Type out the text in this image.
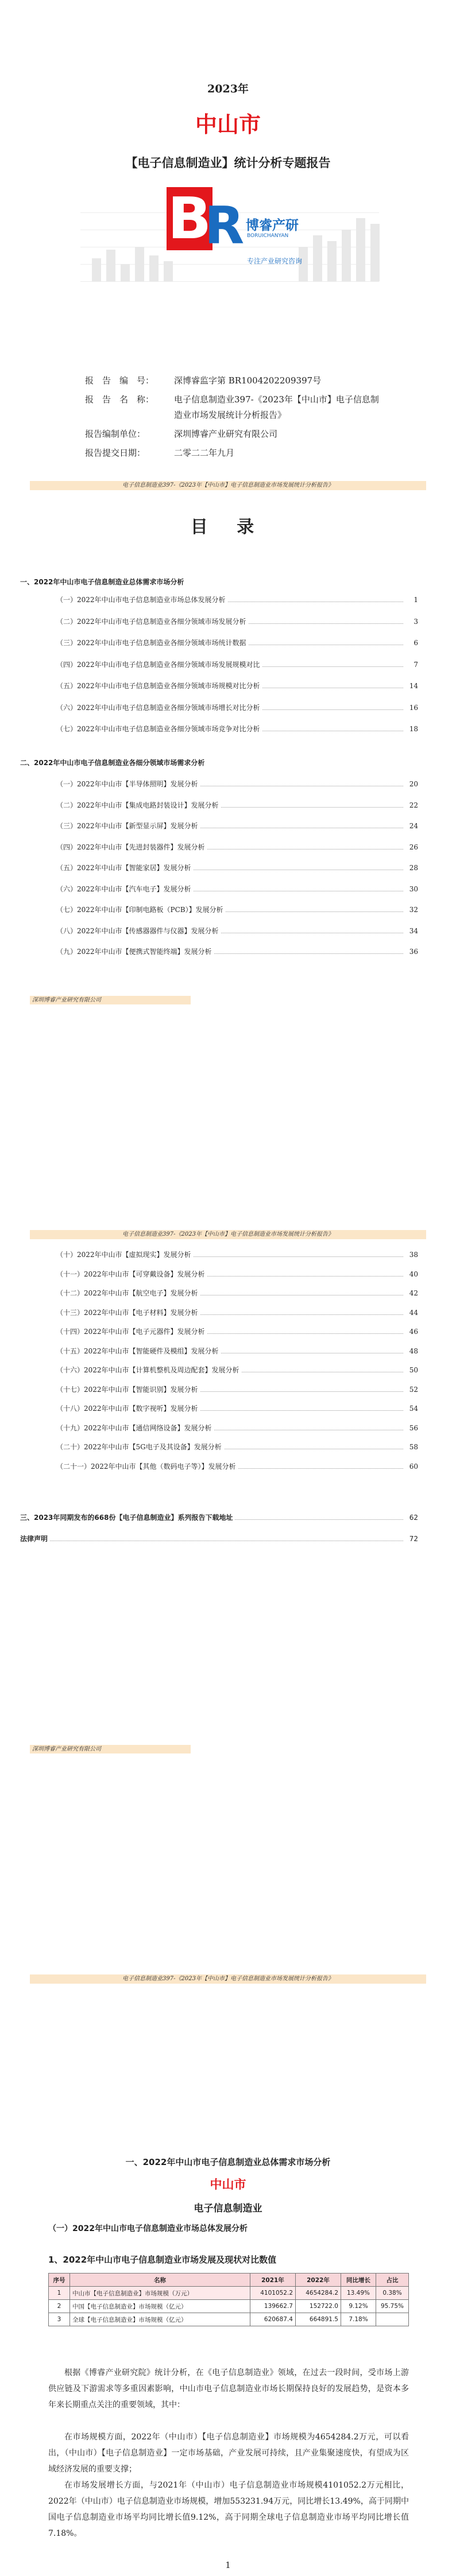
2023年
中山市
【电子信息制造业】统计分析专题报告
B
R 博睿产研
BORUICHANYAN
专注产业研究咨询
报　告　编　号：	深博睿监字第 BR1004202209397号
报　告　名　称：	电子信息制造业397-《2023年【中山市】电子信息制造业市场发展统计分析报告》
报告编制单位：	深圳博睿产业研究有限公司
报告提交日期：	二零二二年九月
电子信息制造业397-《2023年【中山市】电子信息制造业市场发展统计分析报告》
目 录
一、2022年中山市电子信息制造业总体需求市场分析
（一）2022年中山市电子信息制造业市场总体发展分析	1
（二）2022年中山市电子信息制造业各细分领域市场发展分析	3
（三）2022年中山市电子信息制造业各细分领域市场统计数据	6
（四）2022年中山市电子信息制造业各细分领域市场发展规模对比	7
（五）2022年中山市电子信息制造业各细分领域市场规模对比分析	14
（六）2022年中山市电子信息制造业各细分领域市场增长对比分析	16
（七）2022年中山市电子信息制造业各细分领域市场竞争对比分析	18
二、2022年中山市电子信息制造业各细分领域市场需求分析
（一）2022年中山市【半导体照明】发展分析	20
（二）2022年中山市【集成电路封装设计】发展分析	22
（三）2022年中山市【新型显示屏】发展分析	24
（四）2022年中山市【先进封装器件】发展分析	26
（五）2022年中山市【智能家居】发展分析	28
（六）2022年中山市【汽车电子】发展分析	30
（七）2022年中山市【印制电路板（PCB）】发展分析	32
（八）2022年中山市【传感器器件与仪器】发展分析	34
（九）2022年中山市【便携式智能终端】发展分析	36
深圳博睿产业研究有限公司
电子信息制造业397-《2023年【中山市】电子信息制造业市场发展统计分析报告》
（十）2022年中山市【虚拟现实】发展分析	38
（十一）2022年中山市【可穿戴设备】发展分析	40
（十二）2022年中山市【航空电子】发展分析	42
（十三）2022年中山市【电子材料】发展分析	44
（十四）2022年中山市【电子元器件】发展分析	46
（十五）2022年中山市【智能硬件及模组】发展分析	48
（十六）2022年中山市【计算机整机及周边配套】发展分析	50
（十七）2022年中山市【智能识别】发展分析	52
（十八）2022年中山市【数字视听】发展分析	54
（十九）2022年中山市【通信网络设备】发展分析	56
（二十）2022年中山市【5G电子及其设备】发展分析	58
（二十一）2022年中山市【其他（数码电子等）】发展分析	60
三、2023年同期发布的668份【电子信息制造业】系列报告下载地址	62
法律声明	72
深圳博睿产业研究有限公司
电子信息制造业397-《2023年【中山市】电子信息制造业市场发展统计分析报告》
一、2022年中山市电子信息制造业总体需求市场分析
中山市
电子信息制造业
（一）2022年中山市电子信息制造业市场总体发展分析
1、2022年中山市电子信息制造业市场发展及现状对比数值
序号	名称	2021年	2022年	同比增长	占比
1	中山市【电子信息制造业】市场规模（万元）	4101052.2	4654284.2	13.49%	0.38%
2	中国【电子信息制造业】市场规模（亿元）	139662.7	152722.0	9.12%	95.75%
3	全球【电子信息制造业】市场规模（亿元）	620687.4	664891.5	7.18%	
根据《博睿产业研究院》统计分析，在《电子信息制造业》领域，在过去一段时间，受市场上游供应链及下游需求等多重因素影响，中山市电子信息制造业市场长期保持良好的发展趋势，是资本多年来长期重点关注的重要领域，其中：
在市场规模方面，2022年（中山市）【电子信息制造业】市场规模为4654284.2万元，可以看出，（中山市）【电子信息制造业】一定市场基础，产业发展可持续，且产业集聚速度快，有望成为区域经济发展的重要支撑；
在市场发展增长方面，与2021年（中山市）电子信息制造业市场规模4101052.2万元相比，2022年（中山市）电子信息制造业市场规模，增加553231.94万元，同比增长13.49%，高于同期中国电子信息制造业市场平均同比增长值9.12%，高于同期全球电子信息制造业市场平均同比增长值7.18%。
1
